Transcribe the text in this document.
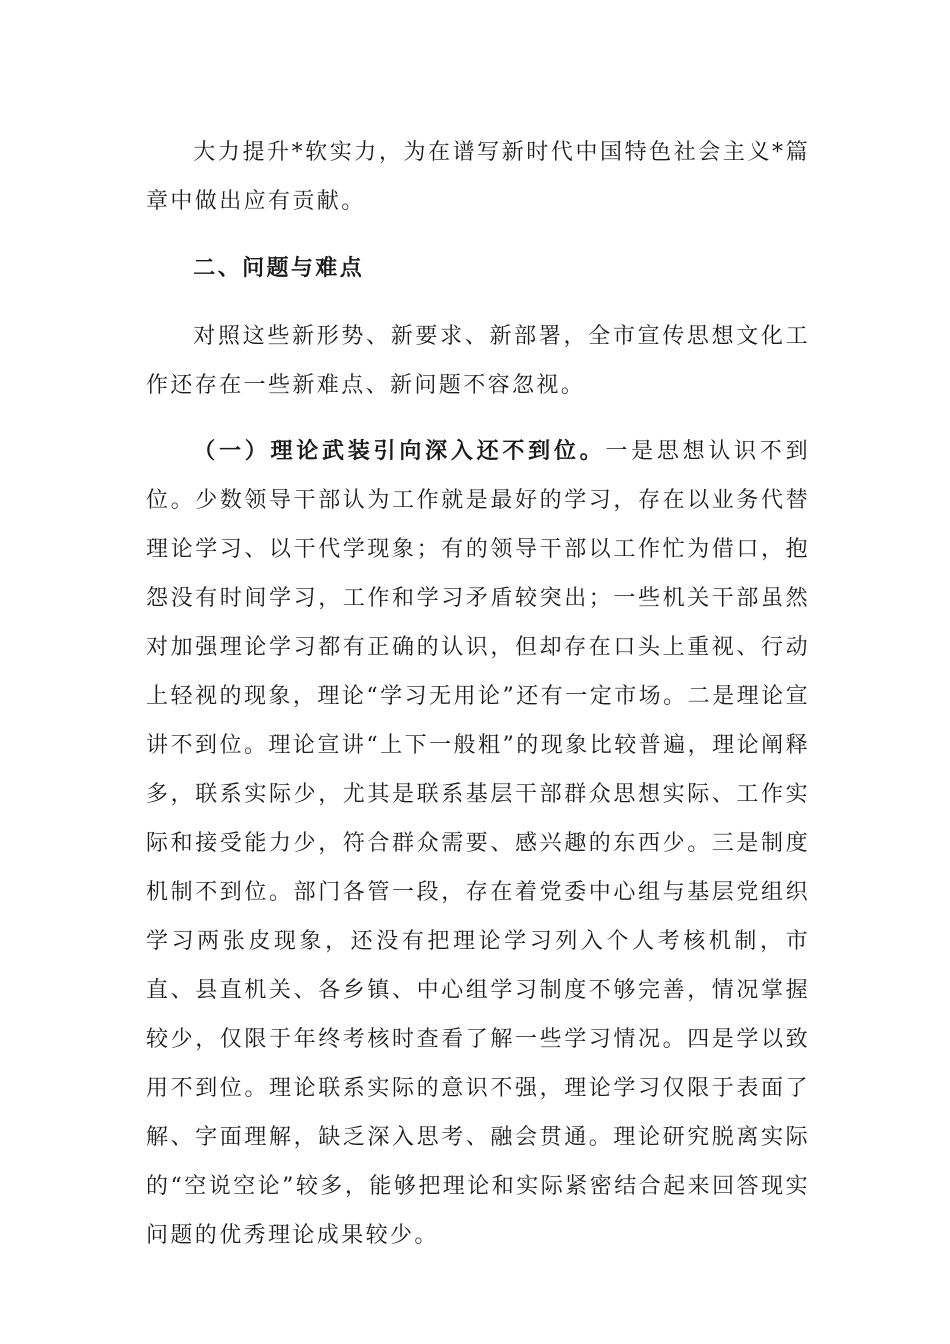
大力提升*软实力，为在谱写新时代中国特色社会主义*篇章中做出应有贡献。

二、问题与难点

对照这些新形势、新要求、新部署，全市宣传思想文化工作还存在一些新难点、新问题不容忽视。

（一）理论武装引向深入还不到位。一是思想认识不到位。少数领导干部认为工作就是最好的学习，存在以业务代替理论学习、以干代学现象；有的领导干部以工作忙为借口，抱怨没有时间学习，工作和学习矛盾较突出；一些机关干部虽然对加强理论学习都有正确的认识，但却存在口头上重视、行动上轻视的现象，理论“学习无用论”还有一定市场。二是理论宣讲不到位。理论宣讲“上下一般粗”的现象比较普遍，理论阐释多，联系实际少，尤其是联系基层干部群众思想实际、工作实际和接受能力少，符合群众需要、感兴趣的东西少。三是制度机制不到位。部门各管一段，存在着党委中心组与基层党组织学习两张皮现象，还没有把理论学习列入个人考核机制，市直、县直机关、各乡镇、中心组学习制度不够完善，情况掌握较少，仅限于年终考核时查看了解一些学习情况。四是学以致用不到位。理论联系实际的意识不强，理论学习仅限于表面了解、字面理解，缺乏深入思考、融会贯通。理论研究脱离实际的“空说空论”较多，能够把理论和实际紧密结合起来回答现实问题的优秀理论成果较少。
